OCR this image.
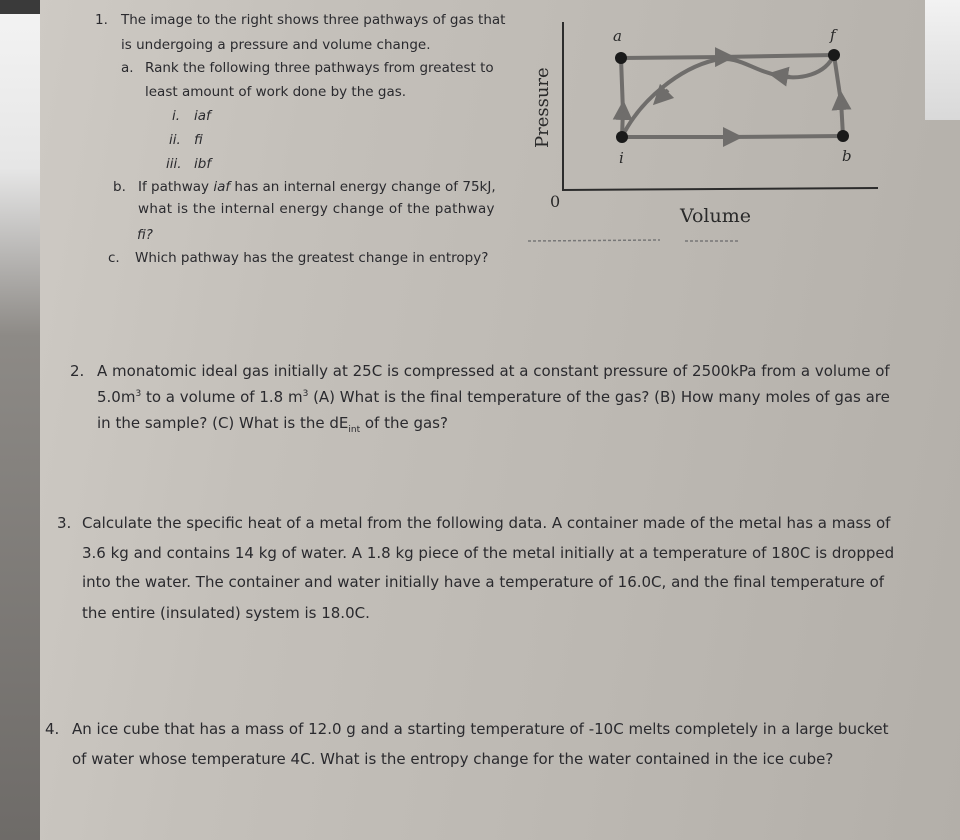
1. The image to the right shows three pathways of gas that
is undergoing a pressure and volume change.
a. Rank the following three pathways from greatest to
least amount of work done by the gas.
i. iaf
ii. fi
iii. ibf
b. If pathway iaf has an internal energy change of 75kJ,
what is the internal energy change of the pathway
fi?
c. Which pathway has the greatest change in entropy?
a	f
i	b
0
Volume
Pressure
2. A monatomic ideal gas initially at 25C is compressed at a constant pressure of 2500kPa from a volume of
$5.0m^3$ to a volume of 1.8 $m^3$ (A) What is the final temperature of the gas? (B) How many moles of gas are
in the sample? (C) What is the $dE_{int}$ of the gas?
3. Calculate the specific heat of a metal from the following data. A container made of the metal has a mass of
3.6 kg and contains 14 kg of water. A 1.8 kg piece of the metal initially at a temperature of 180C is dropped
into the water. The container and water initially have a temperature of 16.0C, and the final temperature of
the entire (insulated) system is 18.0C.
4. An ice cube that has a mass of 12.0 g and a starting temperature of -10C melts completely in a large bucket
of water whose temperature 4C. What is the entropy change for the water contained in the ice cube?
